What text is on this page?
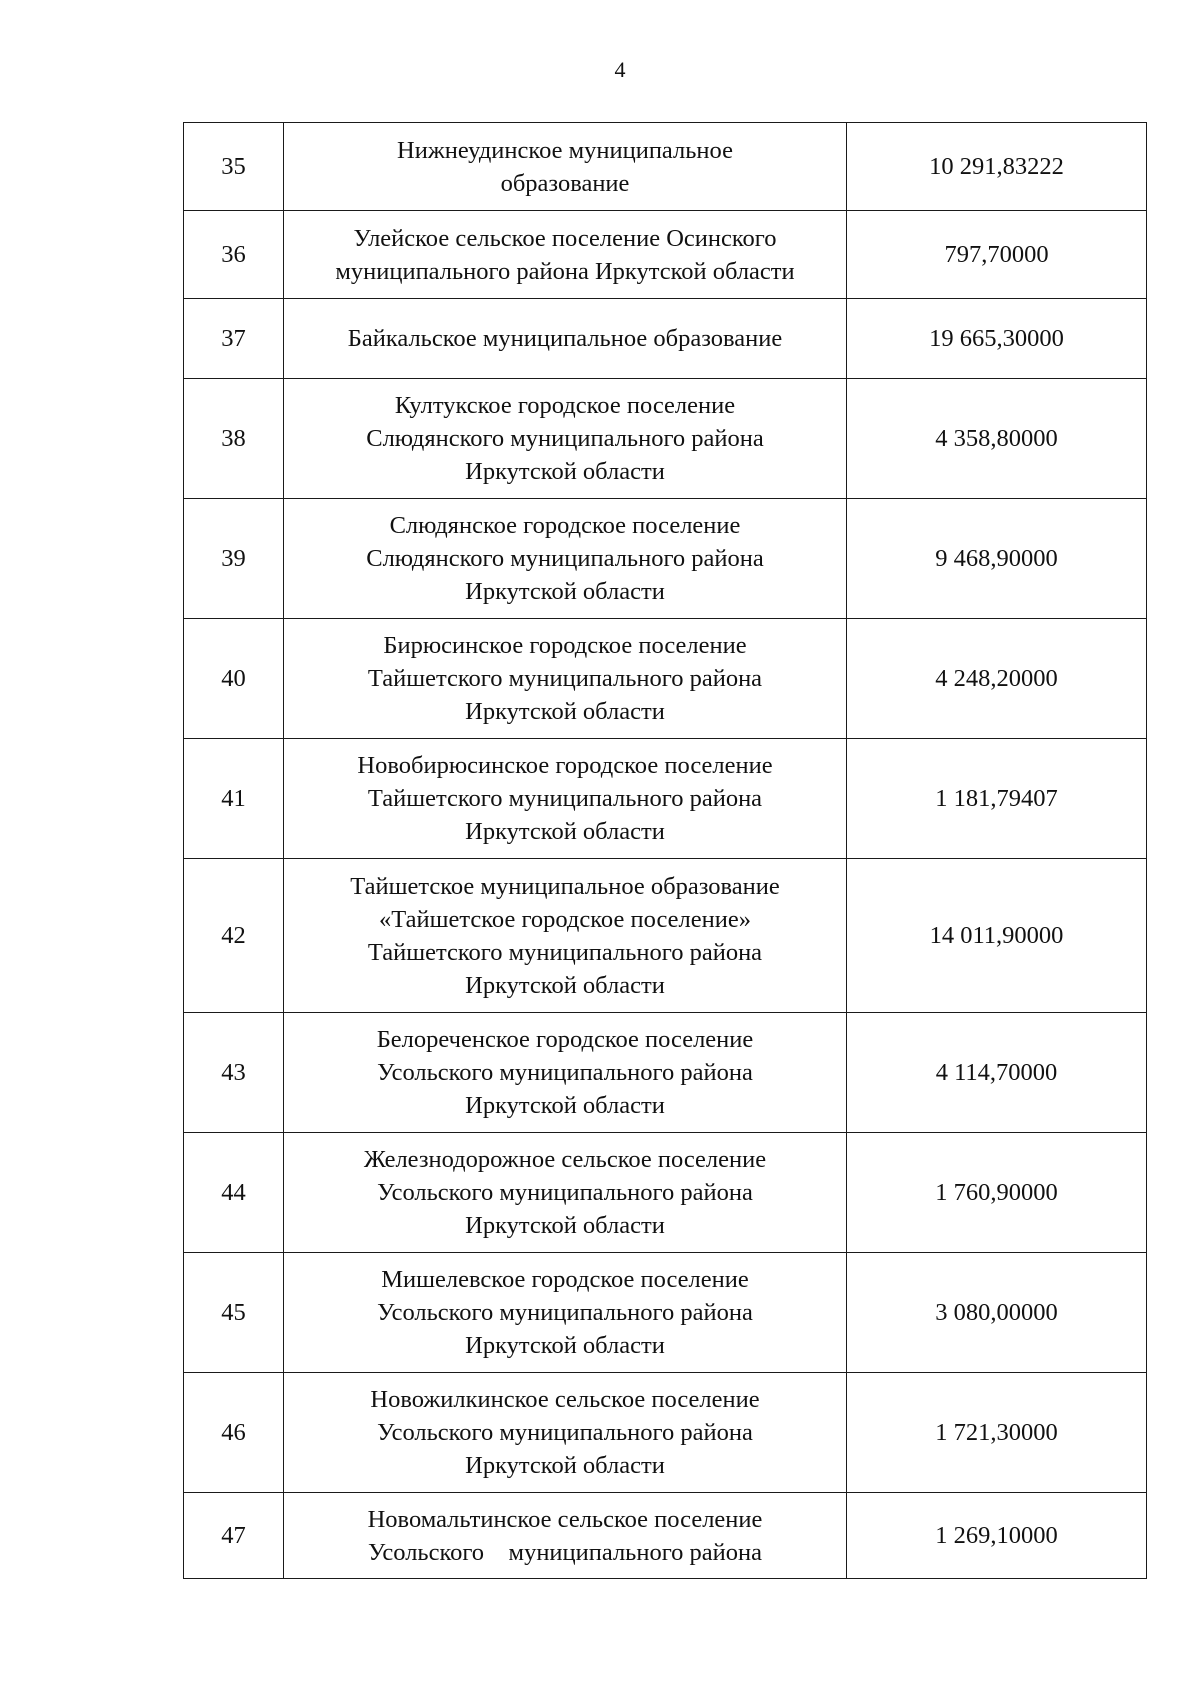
4
35	Нижнеудинское муниципальное
образование	10 291,83222
36	Улейское сельское поселение Осинского
муниципального района Иркутской области	797,70000
37	Байкальское муниципальное образование	19 665,30000
38	Култукское городское поселение
Слюдянского муниципального района
Иркутской области	4 358,80000
39	Слюдянское городское поселение
Слюдянского муниципального района
Иркутской области	9 468,90000
40	Бирюсинское городское поселение
Тайшетского муниципального района
Иркутской области	4 248,20000
41	Новобирюсинское городское поселение
Тайшетского муниципального района
Иркутской области	1 181,79407
42	Тайшетское муниципальное образование
«Тайшетское городское поселение»
Тайшетского муниципального района
Иркутской области	14 011,90000
43	Белореченское городское поселение
Усольского муниципального района
Иркутской области	4 114,70000
44	Железнодорожное сельское поселение
Усольского муниципального района
Иркутской области	1 760,90000
45	Мишелевское городское поселение
Усольского муниципального района
Иркутской области	3 080,00000
46	Новожилкинское сельское поселение
Усольского муниципального района
Иркутской области	1 721,30000
47	Новомальтинское сельское поселение
Усольского    муниципального района	1 269,10000
